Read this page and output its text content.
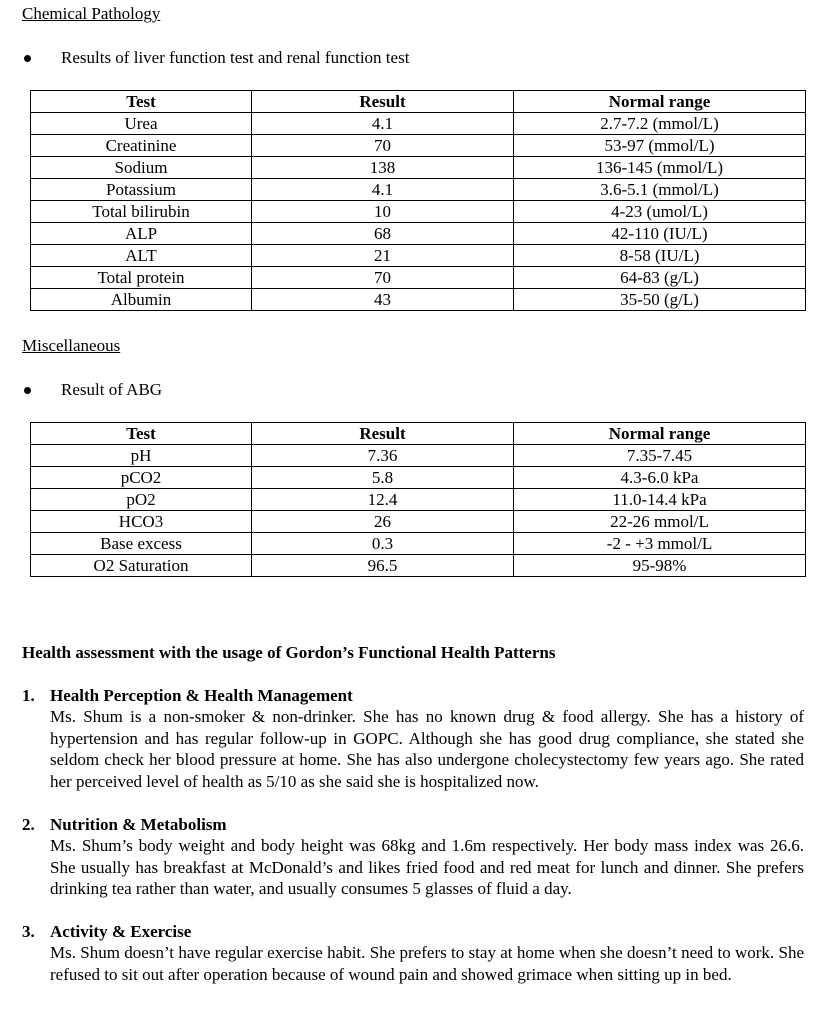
Chemical Pathology
Results of liver function test and renal function test
Test	Result	Normal range
Urea	4.1	2.7-7.2 (mmol/L)
Creatinine	70	53-97 (mmol/L)
Sodium	138	136-145 (mmol/L)
Potassium	4.1	3.6-5.1 (mmol/L)
Total bilirubin	10	4-23 (umol/L)
ALP	68	42-110 (IU/L)
ALT	21	8-58 (IU/L)
Total protein	70	64-83 (g/L)
Albumin	43	35-50 (g/L)
Miscellaneous
Result of ABG
Test	Result	Normal range
pH	7.36	7.35-7.45
pCO2	5.8	4.3-6.0 kPa
pO2	12.4	11.0-14.4 kPa
HCO3	26	22-26 mmol/L
Base excess	0.3	-2 - +3 mmol/L
O2 Saturation	96.5	95-98%
Health assessment with the usage of Gordon’s Functional Health Patterns
1. Health Perception & Health Management
Ms. Shum is a non-smoker & non-drinker. She has no known drug & food allergy. She has a history of hypertension and has regular follow-up in GOPC. Although she has good drug compliance, she stated she seldom check her blood pressure at home. She has also undergone cholecystectomy few years ago. She rated her perceived level of health as 5/10 as she said she is hospitalized now.
2. Nutrition & Metabolism
Ms. Shum’s body weight and body height was 68kg and 1.6m respectively. Her body mass index was 26.6. She usually has breakfast at McDonald’s and likes fried food and red meat for lunch and dinner. She prefers drinking tea rather than water, and usually consumes 5 glasses of fluid a day.
3. Activity & Exercise
Ms. Shum doesn’t have regular exercise habit. She prefers to stay at home when she doesn’t need to work. She refused to sit out after operation because of wound pain and showed grimace when sitting up in bed.
